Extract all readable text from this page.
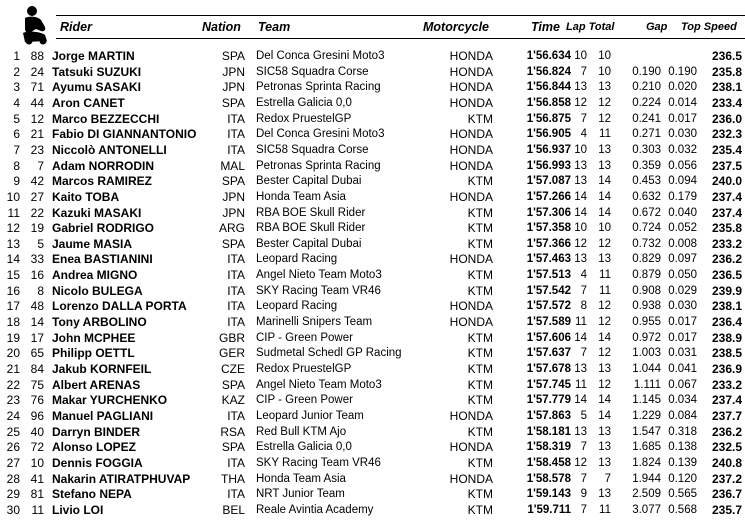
Rider	Nation Team	Motorcycle	Time Lap Total	Gap Top Speed
1 88 Jorge MARTIN	SPA Del Conca Gresini Moto3	HONDA	1'56.634 10 10	236.5
2 24 Tatsuki SUZUKI	JPN SIC58 Squadra Corse	HONDA	1'56.824 7 10	0.190 0.190	235.8
3 71 Ayumu SASAKI	JPN Petronas Sprinta Racing	HONDA	1'56.844 13 13	0.210 0.020	238.1
4 44 Aron CANET	SPA Estrella Galicia 0,0	HONDA	1'56.858 12 12	0.224 0.014	233.4
5 12 Marco BEZZECCHI	ITA Redox PruestelGP	KTM	1'56.875 7 12	0.241 0.017	236.0
6 21 Fabio DI GIANNANTONIO	ITA Del Conca Gresini Moto3	HONDA	1'56.905 4	11	0.271 0.030	232.3
7 23 Niccolò ANTONELLI	ITA SIC58 Squadra Corse	HONDA	1'56.937 10 13	0.303 0.032	235.4
8	7 Adam NORRODIN	MAL Petronas Sprinta Racing	HONDA	1'56.993 13 13	0.359 0.056	237.5
9 42 Marcos RAMIREZ	SPA Bester Capital Dubai	KTM	1'57.087 13 14	0.453 0.094	240.0
10 27 Kaito TOBA	JPN Honda Team Asia	HONDA	1'57.266 14 14	0.632 0.179	237.4
11 22 Kazuki MASAKI	JPN RBA BOE Skull Rider	KTM	1'57.306 14 14	0.672 0.040	237.4
12 19 Gabriel RODRIGO	ARG RBA BOE Skull Rider	KTM	1'57.358 10 10	0.724 0.052	235.8
13	5 Jaume MASIA	SPA Bester Capital Dubai	KTM	1'57.366 12 12	0.732 0.008	233.2
14 33 Enea BASTIANINI	ITA Leopard Racing	HONDA	1'57.463 13 13	0.829 0.097	236.2
15 16 Andrea MIGNO	ITA Angel Nieto Team Moto3	KTM	1'57.513 4	11	0.879 0.050	236.5
16	8 Nicolo BULEGA	ITA SKY Racing Team VR46	KTM	1'57.542 7	11	0.908 0.029	239.9
17 48 Lorenzo DALLA PORTA	ITA Leopard Racing	HONDA	1'57.572 8 12	0.938 0.030	238.1
18 14 Tony ARBOLINO	ITA Marinelli Snipers Team	HONDA	1'57.589 11 12	0.955 0.017	236.4
19 17 John MCPHEE	GBR CIP - Green Power	KTM	1'57.606 14 14	0.972 0.017	238.9
20 65 Philipp OETTL	GER Sudmetal Schedl GP Racing	KTM	1'57.637 7 12	1.003 0.031	238.5
21 84 Jakub KORNFEIL	CZE Redox PruestelGP	KTM	1'57.678 13 13	1.044 0.041	236.9
22 75 Albert ARENAS	SPA Angel Nieto Team Moto3	KTM	1'57.745 11 12	1.111 0.067	233.2
23 76 Makar YURCHENKO	KAZ CIP - Green Power	KTM	1'57.779 14 14	1.145 0.034	237.4
24 96 Manuel PAGLIANI	ITA Leopard Junior Team	HONDA	1'57.863 5 14	1.229 0.084	237.7
25 40 Darryn BINDER	RSA Red Bull KTM Ajo	KTM	1'58.181 13 13	1.547 0.318	236.2
26 72 Alonso LOPEZ	SPA Estrella Galicia 0,0	HONDA	1'58.319 7 13	1.685 0.138	232.5
27 10 Dennis FOGGIA	ITA SKY Racing Team VR46	KTM	1'58.458 12 13	1.824 0.139	240.8
28 41 Nakarin ATIRATPHUVAP	THA Honda Team Asia	HONDA	1'58.578 7	7	1.944 0.120	237.2
29 81 Stefano NEPA	ITA NRT Junior Team	KTM	1'59.143 9 13	2.509 0.565	236.7
30 11 Livio LOI	BEL Reale Avintia Academy	KTM	1'59.711 7	11	3.077 0.568	235.7
